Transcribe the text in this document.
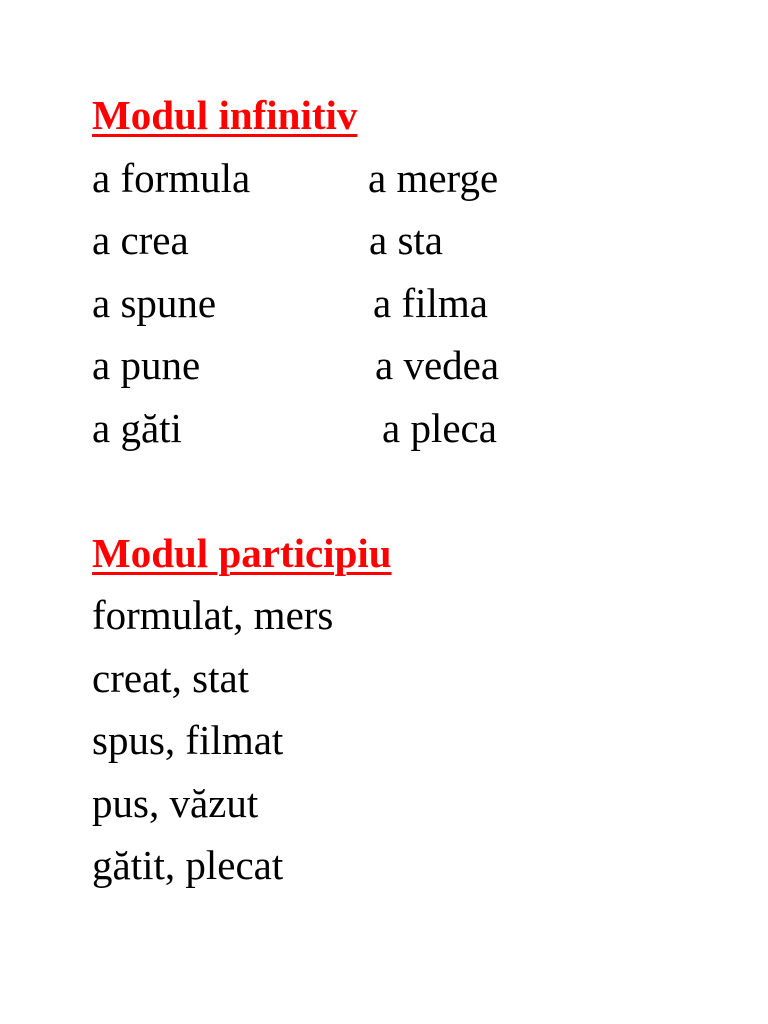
Modul infinitiv
a formula	a merge
a crea	a sta
a spune	a filma
a pune	a vedea
a găti	a pleca
Modul participiu
formulat, mers
creat, stat
spus, filmat
pus, văzut
gătit, plecat
